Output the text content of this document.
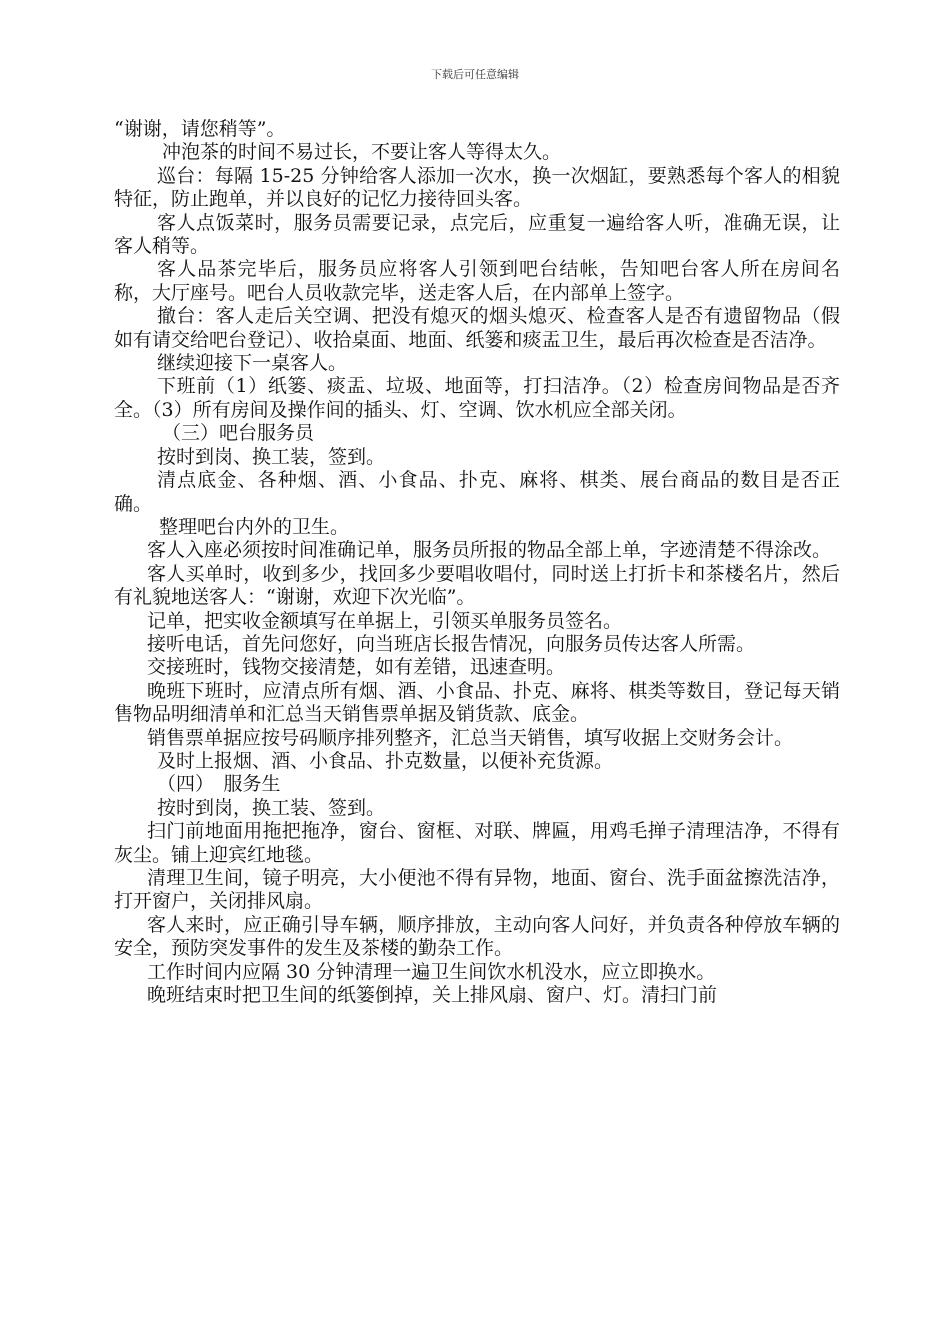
下载后可任意编辑

“谢谢，请您稍等”。

冲泡茶的时间不易过长，不要让客人等得太久。

巡台：每隔 15-25 分钟给客人添加一次水，换一次烟缸，要熟悉每个客人的相貌特征，防止跑单，并以良好的记忆力接待回头客。

客人点饭菜时，服务员需要记录，点完后，应重复一遍给客人听，准确无误，让客人稍等。

客人品茶完毕后，服务员应将客人引领到吧台结帐，告知吧台客人所在房间名称，大厅座号。吧台人员收款完毕，送走客人后，在内部单上签字。

撤台：客人走后关空调、把没有熄灭的烟头熄灭、检查客人是否有遗留物品（假如有请交给吧台登记）、收拾桌面、地面、纸篓和痰盂卫生，最后再次检查是否洁净。

继续迎接下一桌客人。

下班前（1）纸篓、痰盂、垃圾、地面等，打扫洁净。（2）检查房间物品是否齐全。（3）所有房间及操作间的插头、灯、空调、饮水机应全部关闭。

（三）吧台服务员

按时到岗、换工装，签到。

清点底金、各种烟、酒、小食品、扑克、麻将、棋类、展台商品的数目是否正确。

整理吧台内外的卫生。

客人入座必须按时间准确记单，服务员所报的物品全部上单，字迹清楚不得涂改。

客人买单时，收到多少，找回多少要唱收唱付，同时送上打折卡和茶楼名片，然后有礼貌地送客人：“谢谢，欢迎下次光临”。

记单，把实收金额填写在单据上，引领买单服务员签名。

接听电话，首先问您好，向当班店长报告情况，向服务员传达客人所需。

交接班时，钱物交接清楚，如有差错，迅速查明。

晚班下班时，应清点所有烟、酒、小食品、扑克、麻将、棋类等数目，登记每天销售物品明细清单和汇总当天销售票单据及销货款、底金。

销售票单据应按号码顺序排列整齐，汇总当天销售，填写收据上交财务会计。

及时上报烟、酒、小食品、扑克数量，以便补充货源。

（四）　服务生

按时到岗，换工装、签到。

扫门前地面用拖把拖净，窗台、窗框、对联、牌匾，用鸡毛掸子清理洁净，不得有灰尘。铺上迎宾红地毯。

清理卫生间，镜子明亮，大小便池不得有异物，地面、窗台、洗手面盆擦洗洁净，打开窗户，关闭排风扇。

客人来时，应正确引导车辆，顺序排放，主动向客人问好，并负责各种停放车辆的安全，预防突发事件的发生及茶楼的勤杂工作。

工作时间内应隔 30 分钟清理一遍卫生间饮水机没水，应立即换水。

晚班结束时把卫生间的纸篓倒掉，关上排风扇、窗户、灯。清扫门前
